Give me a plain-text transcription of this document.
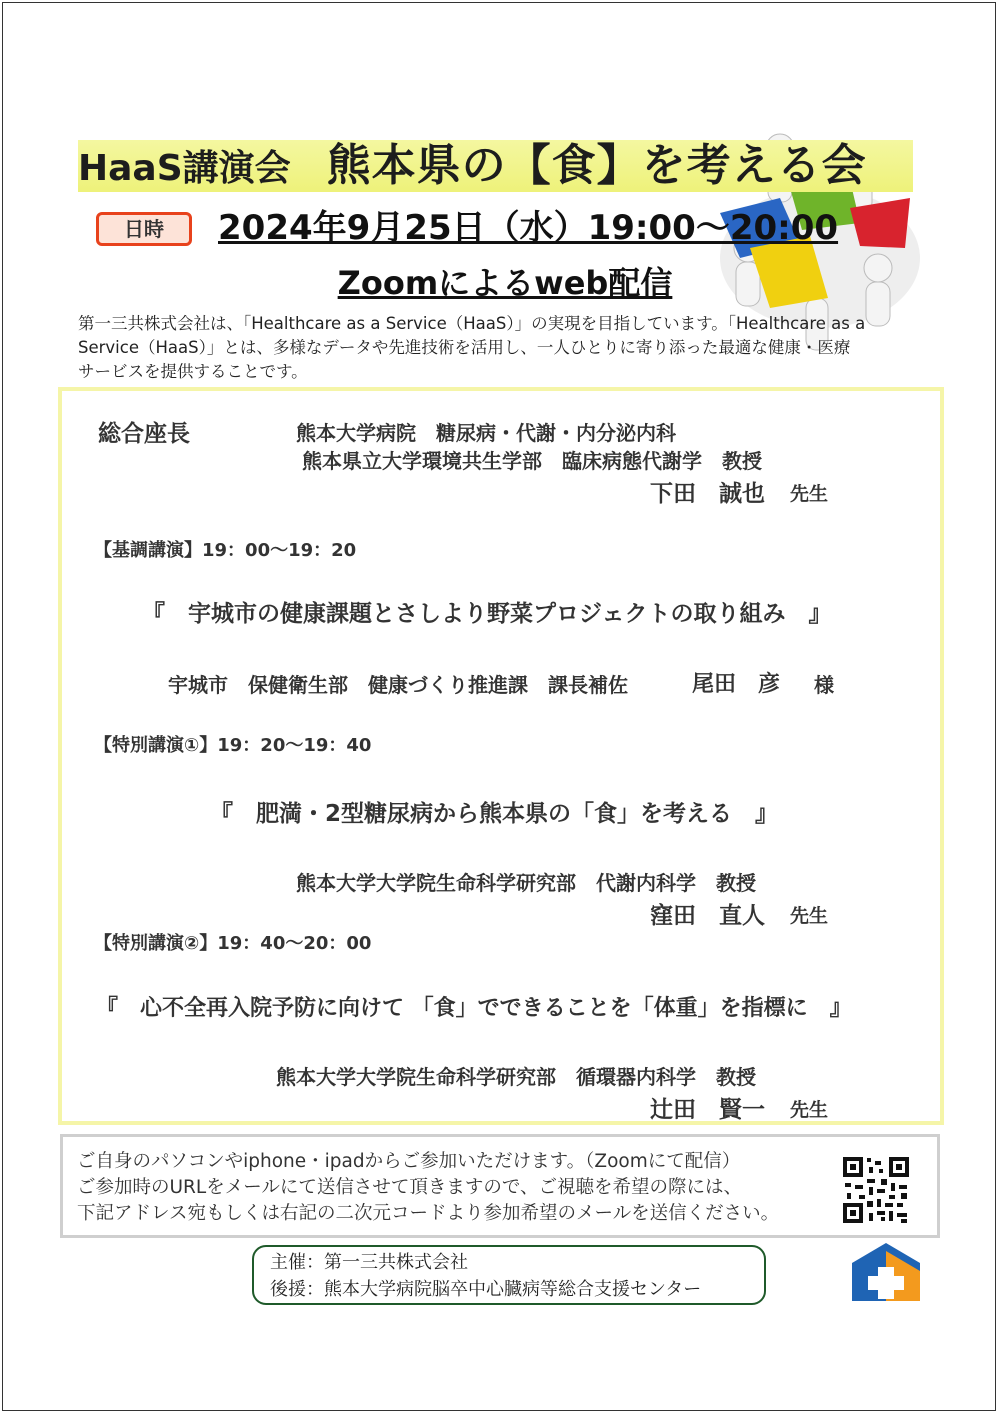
HaaS講演会 熊本県の【食】を考える会
日時	2024年9月25日（水）19:00～20:00
Zoomによるweb配信
第一三共株式会社は、「Healthcare as a Service（HaaS）」の実現を目指しています。「Healthcare as a
Service（HaaS）」とは、多様なデータや先進技術を活用し、一人ひとりに寄り添った最適な健康・医療
サービスを提供することです。
総合座長	熊本大学病院　糖尿病・代謝・内分泌内科
熊本県立大学環境共生学部　臨床病態代謝学　教授
下田　誠也 先生
【基調講演】19：00～19：20
『　宇城市の健康課題とさしより野菜プロジェクトの取り組み　』
宇城市　保健衛生部　健康づくり推進課　課長補佐	尾田　彦 様
【特別講演①】19：20～19：40
『　肥満・2型糖尿病から熊本県の「食」を考える　』
熊本大学大学院生命科学研究部　代謝内科学　教授
窪田　直人 先生
【特別講演②】19：40～20：00
『　心不全再入院予防に向けて 「食」でできることを「体重」を指標に　』
熊本大学大学院生命科学研究部　循環器内科学　教授
辻田　賢一 先生
ご自身のパソコンやiphone・ipadからご参加いただけます。（Zoomにて配信）
ご参加時のURLをメールにて送信させて頂きますので、ご視聴を希望の際には、
下記アドレス宛もしくは右記の二次元コードより参加希望のメールを送信ください。
主催：第一三共株式会社
後援：熊本大学病院脳卒中心臓病等総合支援センター
